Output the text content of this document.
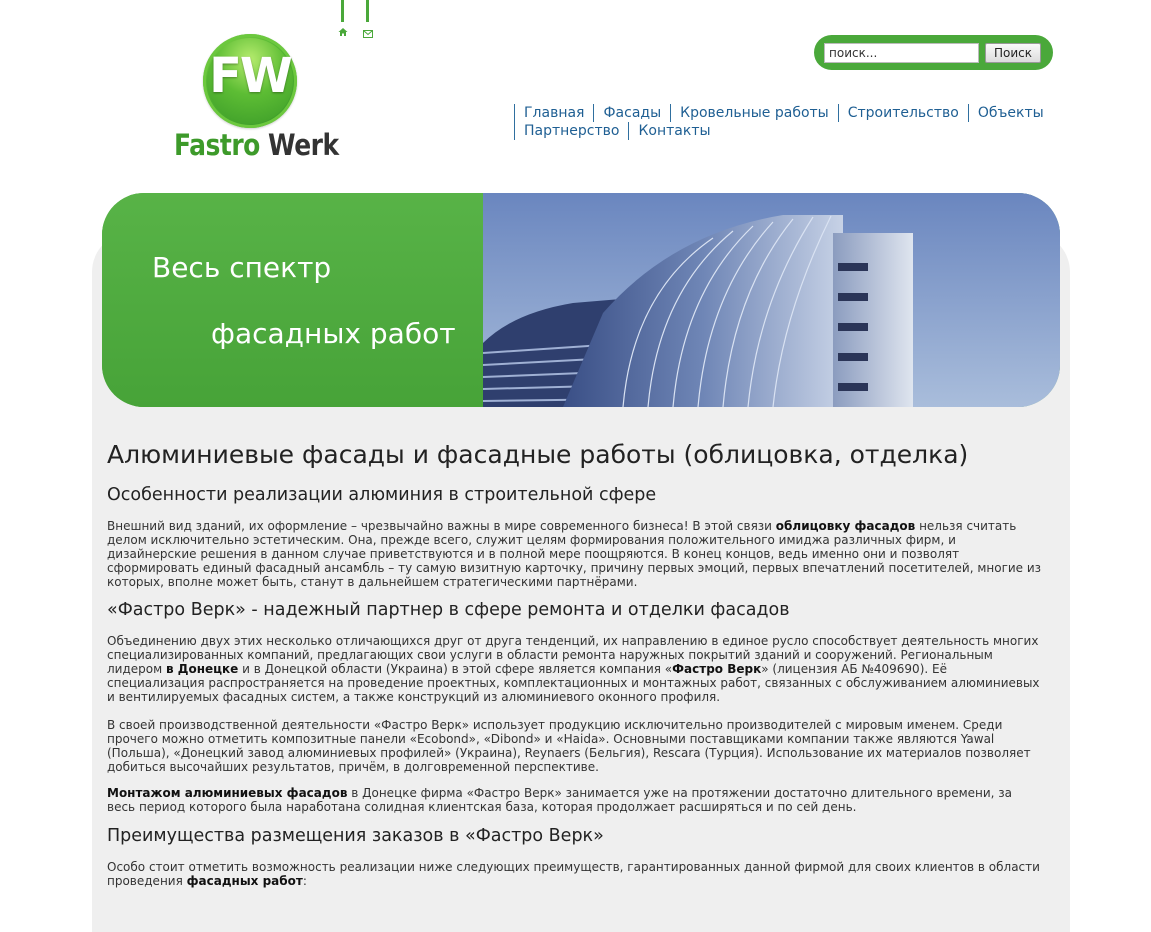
FW
Fastro Werk
поиск...
Поиск
Главная	Фасады	Кровельные работы	Строительство	Объекты
Партнерство	Контакты
Весь спектр
фасадных работ
Алюминиевые фасады и фасадные работы (облицовка, отделка)
Особенности реализации алюминия в строительной сфере

Внешний вид зданий, их оформление – чрезвычайно важны в мире современного бизнеса! В этой связи облицовку фасадов нельзя считать делом исключительно эстетическим. Она, прежде всего, служит целям формирования положительного имиджа различных фирм, и дизайнерские решения в данном случае приветствуются и в полной мере поощряются. В конец концов, ведь именно они и позволят сформировать единый фасадный ансамбль – ту самую визитную карточку, причину первых эмоций, первых впечатлений посетителей, многие из которых, вполне может быть, станут в дальнейшем стратегическими партнёрами.

«Фастро Верк» - надежный партнер в сфере ремонта и отделки фасадов

Объединению двух этих несколько отличающихся друг от друга тенденций, их направлению в единое русло способствует деятельность многих специализированных компаний, предлагающих свои услуги в области ремонта наружных покрытий зданий и сооружений. Региональным лидером в Донецке и в Донецкой области (Украина) в этой сфере является компания «Фастро Верк» (лицензия АБ №409690). Её специализация распространяется на проведение проектных, комплектационных и монтажных работ, связанных с обслуживанием алюминиевых и вентилируемых фасадных систем, а также конструкций из алюминиевого оконного профиля.

В своей производственной деятельности «Фастро Верк» использует продукцию исключительно производителей с мировым именем. Среди прочего можно отметить композитные панели «Ecobond», «Dibond» и «Haida». Основными поставщиками компании также являются Yawal (Польша), «Донецкий завод алюминиевых профилей» (Украина), Reynaers (Бельгия), Rescara (Турция). Использование их материалов позволяет добиться высочайших результатов, причём, в долговременной перспективе.

Монтажом алюминиевых фасадов в Донецке фирма «Фастро Верк» занимается уже на протяжении достаточно длительного времени, за весь период которого была наработана солидная клиентская база, которая продолжает расширяться и по сей день.

Преимущества размещения заказов в «Фастро Верк»

Особо стоит отметить возможность реализации ниже следующих преимуществ, гарантированных данной фирмой для своих клиентов в области проведения фасадных работ:
